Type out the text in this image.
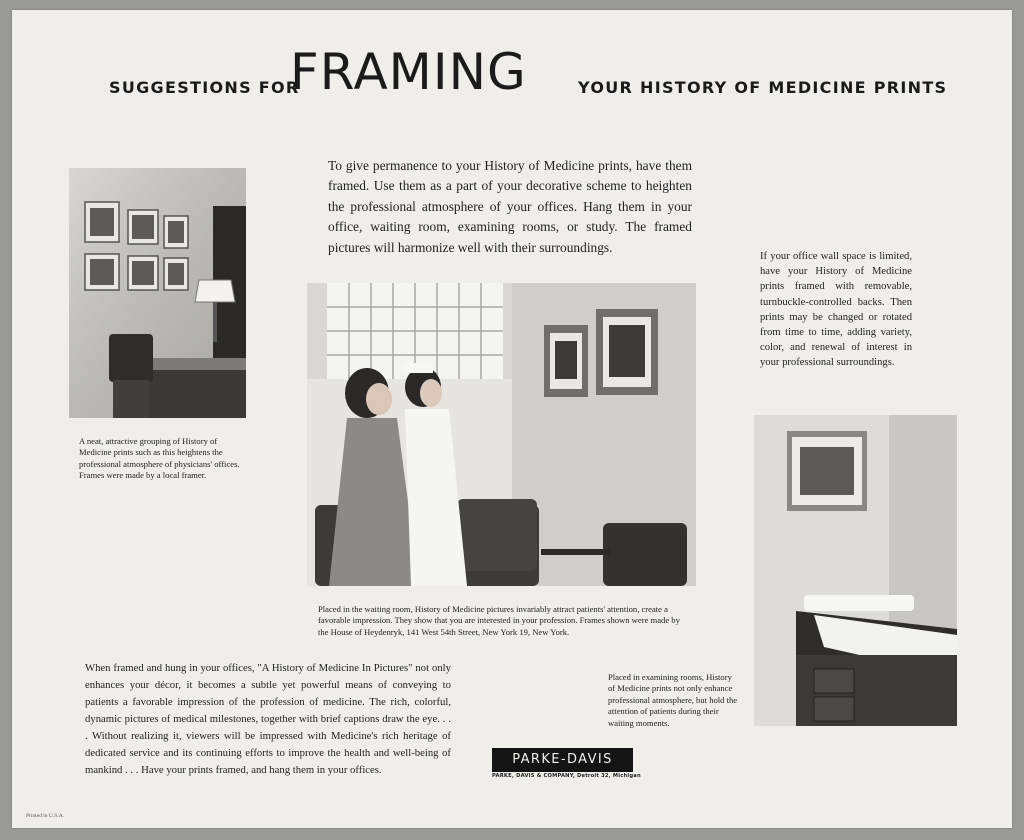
SUGGESTIONS FOR
FRAMING	YOUR HISTORY OF MEDICINE PRINTS
To give permanence to your History of Medicine prints, have them framed. Use them as a part of your decorative scheme to heighten the professional atmosphere of your offices. Hang them in your office, waiting room, examining rooms, or study. The framed pictures will harmonize well with their surroundings.
If your office wall space is limited, have your History of Medicine prints framed with removable, turnbuckle-controlled backs. Then prints may be changed or rotated from time to time, adding variety, color, and renewal of interest in your professional surroundings.
A neat, attractive grouping of History of Medicine prints such as this heightens the professional atmosphere of physicians' offices. Frames were made by a local framer.
Placed in the waiting room, History of Medicine pictures invariably attract patients' attention, create a favorable impression. They show that you are interested in your profession. Frames shown were made by the House of Heydenryk, 141 West 54th Street, New York 19, New York.
Placed in examining rooms, History of Medicine prints not only enhance professional atmosphere, but hold the attention of patients during their waiting moments.
When framed and hung in your offices, "A History of Medicine In Pictures" not only enhances your décor, it becomes a subtle yet powerful means of conveying to patients a favorable impression of the profession of medicine. The rich, colorful, dynamic pictures of medical milestones, together with brief captions draw the eye. . . . Without realizing it, viewers will be impressed with Medicine's rich heritage of dedicated service and its continuing efforts to improve the health and well-being of mankind . . . Have your prints framed, and hang them in your offices.
PARKE-DAVIS
PARKE, DAVIS & COMPANY, Detroit 32, Michigan
Printed in U.S.A.
